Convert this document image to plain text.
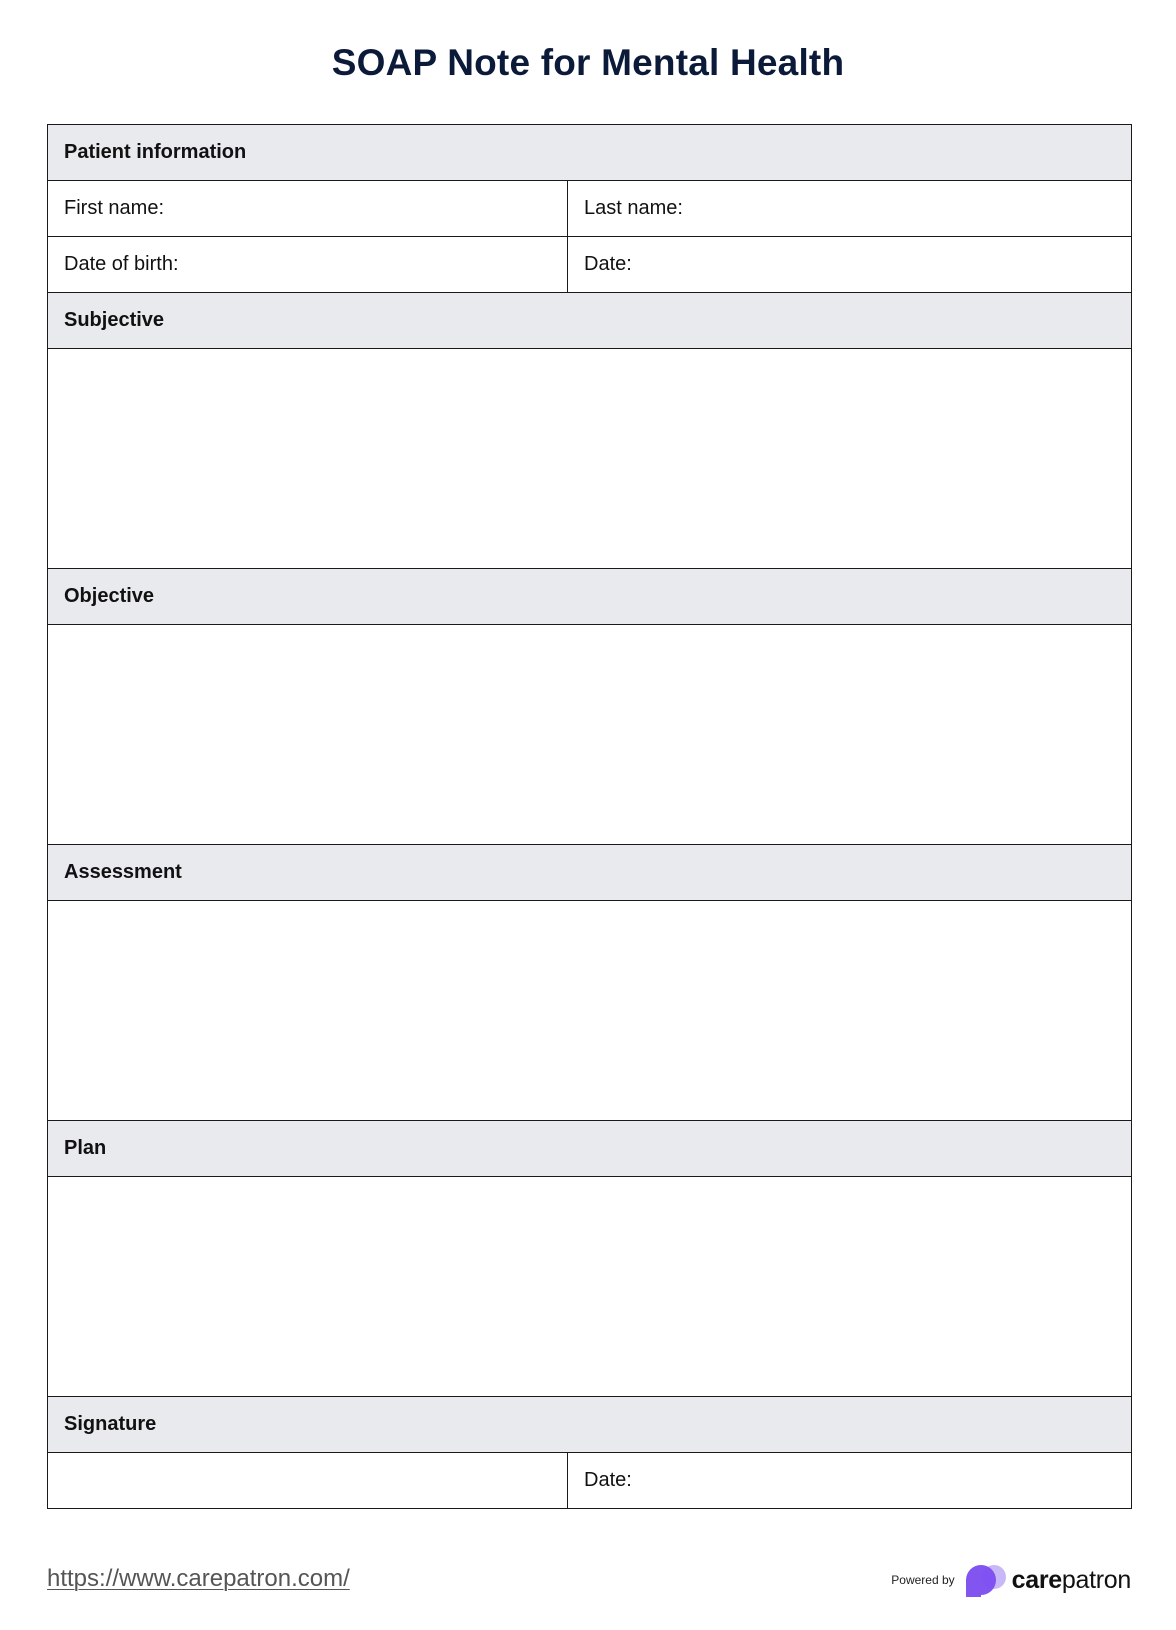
SOAP Note for Mental Health
Patient information	
First name:	Last name:
Date of birth:	Date:
Subjective	

Objective	

Assessment	

Plan	

Signature	
	Date:
https://www.carepatron.com/	Powered by carepatron
